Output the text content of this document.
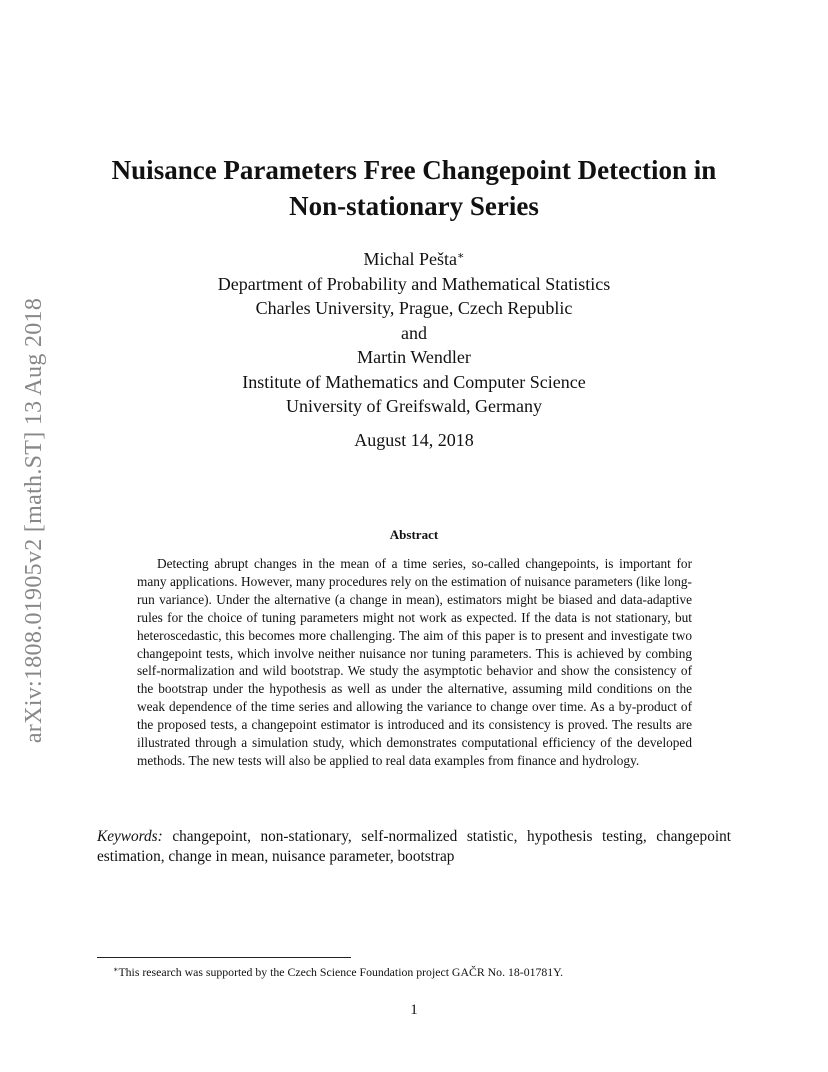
arXiv:1808.01905v2 [math.ST] 13 Aug 2018
Nuisance Parameters Free Changepoint Detection in
Non-stationary Series
Michal Pešta∗
Department of Probability and Mathematical Statistics
Charles University, Prague, Czech Republic
and
Martin Wendler
Institute of Mathematics and Computer Science
University of Greifswald, Germany
August 14, 2018
Abstract

Detecting abrupt changes in the mean of a time series, so-called changepoints, is important for many applications. However, many procedures rely on the estimation of nuisance parameters (like long-run variance). Under the alternative (a change in mean), estimators might be biased and data-adaptive rules for the choice of tuning parameters might not work as expected. If the data is not stationary, but heteroscedastic, this becomes more challenging. The aim of this paper is to present and investigate two changepoint tests, which involve neither nuisance nor tuning parameters. This is achieved by combing self-normalization and wild bootstrap. We study the asymptotic behavior and show the consistency of the bootstrap under the hypothesis as well as under the alternative, assuming mild conditions on the weak dependence of the time series and allowing the variance to change over time. As a by-product of the proposed tests, a changepoint estimator is introduced and its consistency is proved. The results are illustrated through a simulation study, which demonstrates computational efficiency of the developed methods. The new tests will also be applied to real data examples from finance and hydrology.

Keywords: changepoint, non-stationary, self-normalized statistic, hypothesis testing, changepoint estimation, change in mean, nuisance parameter, bootstrap

∗This research was supported by the Czech Science Foundation project GAČR No. 18-01781Y.
1
